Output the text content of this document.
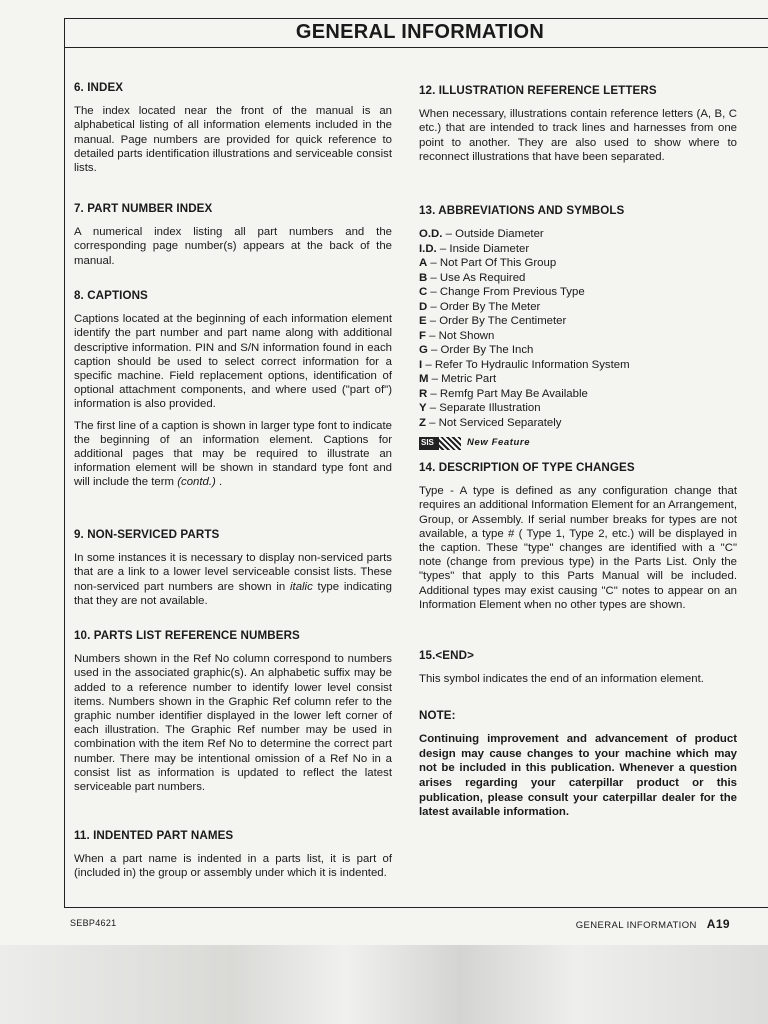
GENERAL INFORMATION
6. INDEX

The index located near the front of the manual is an alphabetical listing of all information elements included in the manual. Page numbers are provided for quick reference to detailed parts identification illustrations and serviceable consist lists.

7. PART NUMBER INDEX

A numerical index listing all part numbers and the corresponding page number(s) appears at the back of the manual.

8. CAPTIONS

Captions located at the beginning of each information element identify the part number and part name along with additional descriptive information. PIN and S/N information found in each caption should be used to select correct information for a specific machine. Field replacement options, identification of optional attachment components, and where used ("part of") information is also provided.

The first line of a caption is shown in larger type font to indicate the beginning of an information element. Captions for additional pages that may be required to illustrate an information element will be shown in standard type font and will include the term (contd.) .

9. NON-SERVICED PARTS

In some instances it is necessary to display non-serviced parts that are a link to a lower level serviceable consist lists. These non-serviced part numbers are shown in italic type indicating that they are not available.

10. PARTS LIST REFERENCE NUMBERS

Numbers shown in the Ref No column correspond to numbers used in the associated graphic(s). An alphabetic suffix may be added to a reference number to identify lower level consist items. Numbers shown in the Graphic Ref column refer to the graphic number identifier displayed in the lower left corner of each illustration. The Graphic Ref number may be used in combination with the item Ref No to determine the correct part number. There may be intentional omission of a Ref No in a consist list as information is updated to reflect the latest serviceable part numbers.

11. INDENTED PART NAMES

When a part name is indented in a parts list, it is part of (included in) the group or assembly under which it is indented.

12. ILLUSTRATION REFERENCE LETTERS

When necessary, illustrations contain reference letters (A, B, C etc.) that are intended to track lines and harnesses from one point to another. They are also used to show where to reconnect illustrations that have been separated.

13. ABBREVIATIONS AND SYMBOLS
O.D. – Outside Diameter
I.D. – Inside Diameter
A – Not Part Of This Group
B – Use As Required
C – Change From Previous Type
D – Order By The Meter
E – Order By The Centimeter
F – Not Shown
G – Order By The Inch
I – Refer To Hydraulic Information System
M – Metric Part
R – Remfg Part May Be Available
Y – Separate Illustration
Z – Not Serviced Separately
SIS	New Feature
14. DESCRIPTION OF TYPE CHANGES

Type - A type is defined as any configuration change that requires an additional Information Element for an Arrangement, Group, or Assembly. If serial number breaks for types are not available, a type # ( Type 1, Type 2, etc.) will be displayed in the caption. These "type" changes are identified with a "C" note (change from previous type) in the Parts List. Only the "types" that apply to this Parts Manual will be included. Additional types may exist causing "C" notes to appear on an Information Element when no other types are shown.

15.<END>

This symbol indicates the end of an information element.

NOTE:

Continuing improvement and advancement of product design may cause changes to your machine which may not be included in this publication. Whenever a question arises regarding your caterpillar product or this publication, please consult your caterpillar dealer for the latest available information.

SEBP4621	GENERAL INFORMATION A19
